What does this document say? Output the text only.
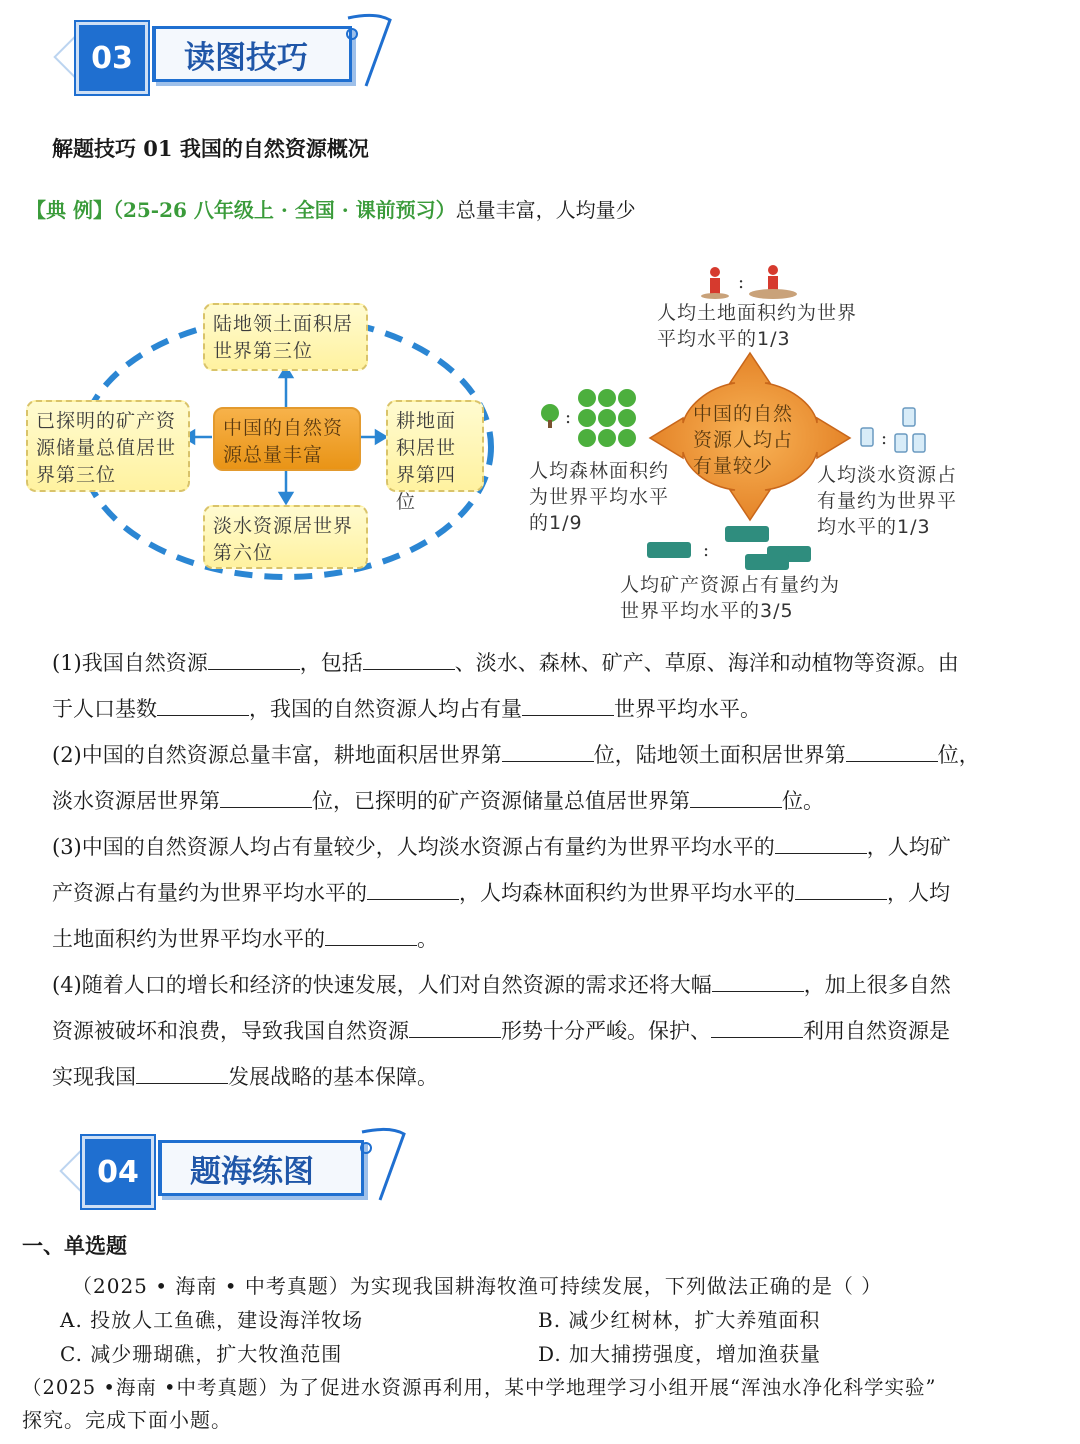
03	读图技巧
解题技巧 01 我国的自然资源概况
【典 例】（25-26 八年级上 · 全国 · 课前预习）总量丰富，人均量少
陆地领土面积居世界第三位
已探明的矿产资源储量总值居世界第三位
中国的自然资源总量丰富
耕地面积居世界第四位
淡水资源居世界第六位
:
:
:
:
中国的自然资源人均占有量较少
人均土地面积约为世界平均水平的1/3
人均森林面积约为世界平均水平的1/9
人均淡水资源占有量约为世界平均水平的1/3
人均矿产资源占有量约为世界平均水平的3/5
(1)我国自然资源	，包括	、淡水、森林、矿产、草原、海洋和动植物等资源。由
于人口基数	，我国的自然资源人均占有量	世界平均水平。
(2)中国的自然资源总量丰富，耕地面积居世界第	位，陆地领土面积居世界第	位，
淡水资源居世界第	位，已探明的矿产资源储量总值居世界第	位。
(3)中国的自然资源人均占有量较少，人均淡水资源占有量约为世界平均水平的	，人均矿
产资源占有量约为世界平均水平的	，人均森林面积约为世界平均水平的	，人均
土地面积约为世界平均水平的	。
(4)随着人口的增长和经济的快速发展，人们对自然资源的需求还将大幅	，加上很多自然
资源被破坏和浪费，导致我国自然资源	形势十分严峻。保护、	利用自然资源是
实现我国	发展战略的基本保障。
04	题海练图
一、单选题
（2025 • 海南 • 中考真题）为实现我国耕海牧渔可持续发展，下列做法正确的是（ ）
A. 投放人工鱼礁，建设海洋牧场	B. 减少红树林，扩大养殖面积
C. 减少珊瑚礁，扩大牧渔范围	D. 加大捕捞强度，增加渔获量
（2025 •海南 •中考真题）为了促进水资源再利用，某中学地理学习小组开展“浑浊水净化科学实验”
探究。完成下面小题。
